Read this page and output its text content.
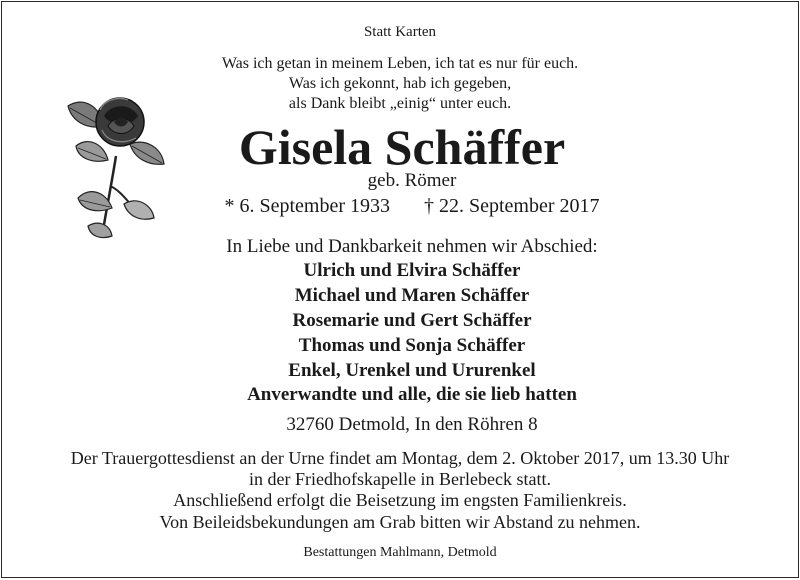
Statt Karten
Was ich getan in meinem Leben, ich tat es nur für euch.
Was ich gekonnt, hab ich gegeben,
als Dank bleibt „einig“ unter euch.
Gisela Schäffer
geb. Römer
* 6. September 1933 † 22. September 2017
In Liebe und Dankbarkeit nehmen wir Abschied:
Ulrich und Elvira Schäffer
Michael und Maren Schäffer
Rosemarie und Gert Schäffer
Thomas und Sonja Schäffer
Enkel, Urenkel und Ururenkel
Anverwandte und alle, die sie lieb hatten
32760 Detmold, In den Röhren 8
Der Trauergottesdienst an der Urne findet am Montag, dem 2. Oktober 2017, um 13.30 Uhr
in der Friedhofskapelle in Berlebeck statt.
Anschließend erfolgt die Beisetzung im engsten Familienkreis.
Von Beileidsbekundungen am Grab bitten wir Abstand zu nehmen.
Bestattungen Mahlmann, Detmold
